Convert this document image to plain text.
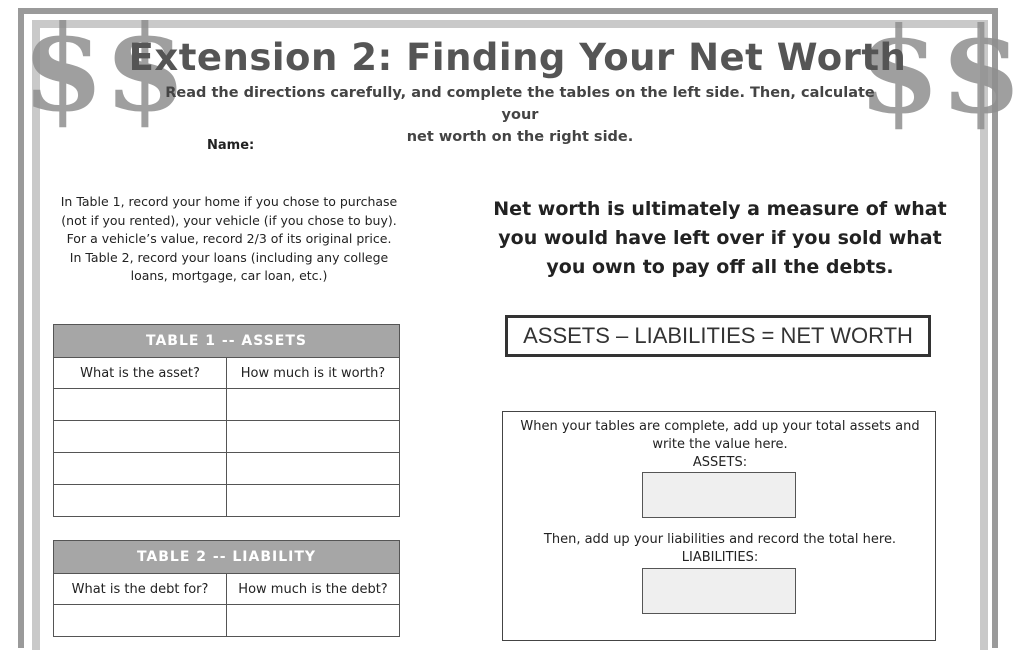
$$	$$
Extension 2: Finding Your Net Worth
Read the directions carefully, and complete the tables on the left side. Then, calculate your
net worth on the right side.
Name:
In Table 1, record your home if you chose to purchase
(not if you rented), your vehicle (if you chose to buy).
For a vehicle’s value, record 2/3 of its original price.
In Table 2, record your loans (including any college
loans, mortgage, car loan, etc.)
TABLE 1 -- ASSETS	
What is the asset?	How much is it worth?

TABLE 2 -- LIABILITY	
What is the debt for?	How much is the debt?

Net worth is ultimately a measure of what
you would have left over if you sold what
you own to pay off all the debts.
ASSETS – LIABILITIES = NET WORTH
When your tables are complete, add up your total assets and
write the value here.
ASSETS:
Then, add up your liabilities and record the total here.
LIABILITIES:
